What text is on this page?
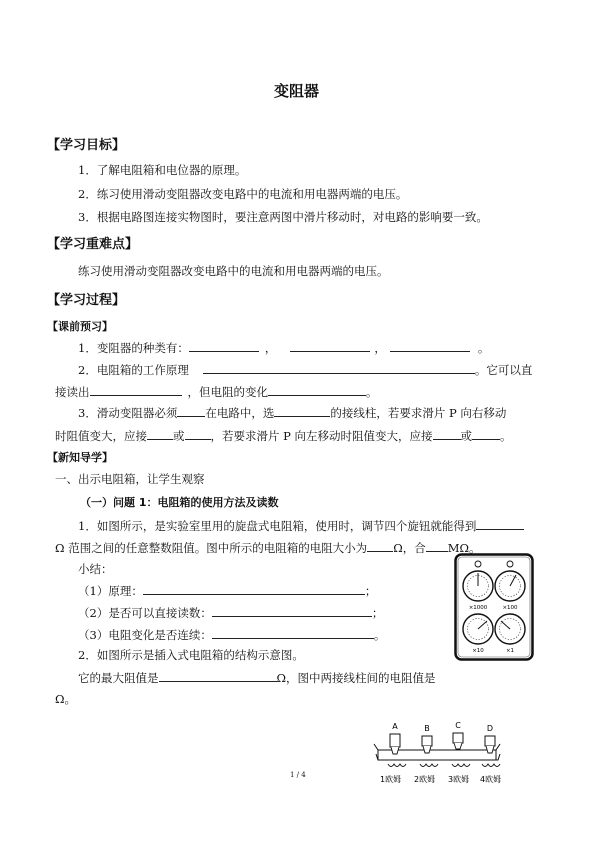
变阻器
【学习目标】
1．了解电阻箱和电位器的原理。
2．练习使用滑动变阻器改变电路中的电流和用电器两端的电压。
3．根据电路图连接实物图时，要注意两图中滑片移动时，对电路的影响要一致。
【学习重难点】
练习使用滑动变阻器改变电路中的电流和用电器两端的电压。
【学习过程】
【课前预习】
1．变阻器的种类有：	，	，	。
2．电阻箱的工作原理	。它可以直
接读出	，但电阻的变化	。
3．滑动变阻器必须 在电路中，选	的接线柱，若要求滑片 P 向右移动
时阻值变大，应接 或 ，若要求滑片 P 向左移动时阻值变大，应接 或 。
【新知导学】
一、出示电阻箱，让学生观察
（一）问题 1：电阻箱的使用方法及读数
1．如图所示，是实验室里用的旋盘式电阻箱，使用时，调节四个旋钮就能得到
Ω 范围之间的任意整数阻值。图中所示的电阻箱的电阻大小为 Ω，合 MΩ。
小结：
（1）原理：	；
（2）是否可以直接读数：	；
（3）电阻变化是否连续：	。
2．如图所示是插入式电阻箱的结构示意图。
它的最大阻值是	Ω，图中两接线柱间的电阻值是
Ω。
×1000	×100
×10	×1
A	B	C	D
1欧姆 2欧姆 3欧姆 4欧姆
1 / 4
